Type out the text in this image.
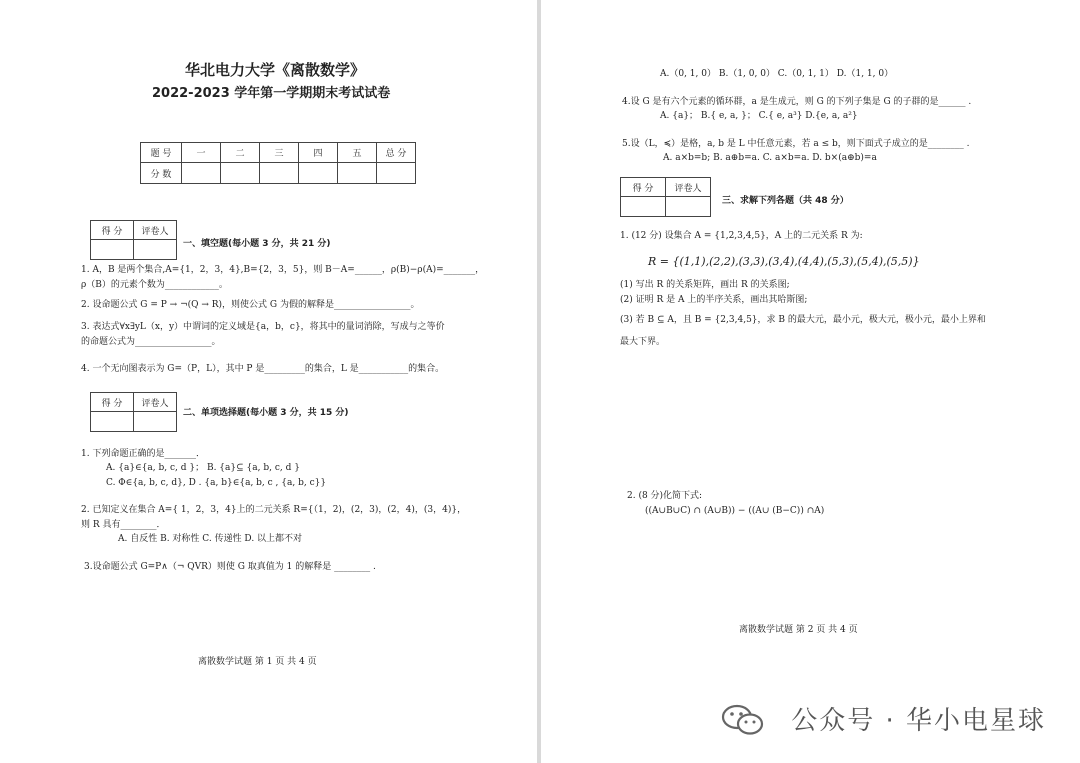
华北电力大学《离散数学》
2022-2023 学年第一学期期末考试试卷
题 号	一	二	三	四	五	总 分
分 数						
得 分	评卷人

一、填空题(每小题 3 分，共 21 分)
1. A，B 是两个集合,A={1，2，3，4},B={2，3，5}，则 B－A=______，ρ(B)−ρ(A)=_______，
ρ（B）的元素个数为____________。
2. 设命题公式 G = P → ¬(Q → R)，则使公式 G 为假的解释是_________________。
3. 表达式∀x∃yL（x，y）中谓词的定义域是{a，b，c}，将其中的量词消除，写成与之等价
的命题公式为_________________。
4. 一个无向图表示为 G=（P，L），其中 P 是_________的集合，L 是___________的集合。
得 分	评卷人

二、单项选择题(每小题 3 分，共 15 分)
1. 下列命题正确的是_______．
A. {a}∈{a, b, c, d }； B. {a}⊆ {a, b, c, d }
C. Φ∈{a, b, c, d}, D . {a, b}∈{a, b, c , {a, b, c}}
2. 已知定义在集合 A={ 1，2，3，4}上的二元关系 R={（1，2)，(2，3)，(2，4)，(3，4)}，
则 R 具有________．
A. 自反性 B. 对称性 C. 传递性 D. 以上都不对
3.设命题公式 G=P∧（¬ QVR）则使 G 取真值为 1 的解释是 ________ .
离散数学试题 第 1 页 共 4 页
A.（0, 1, 0） B.（1, 0, 0） C.（0, 1, 1） D.（1, 1, 0）
4.设 G 是有六个元素的循环群，a 是生成元，则 G 的下列子集是 G 的子群的是______ .
A. {a}； B.{ e, a, }； C.{ e, a³} D.{e, a, a²}
5.设（L，≼）是格，a, b 是 L 中任意元素，若 a ≤ b，则下面式子成立的是________ .
A. a×b=b; B. a⊕b=a. C. a×b=a. D. b×(a⊕b)=a
得 分	评卷人

三、求解下列各题（共 48 分）
1. (12 分) 设集合 A = {1,2,3,4,5}，A 上的二元关系 R 为:
R = {(1,1),(2,2),(3,3),(3,4),(4,4),(5,3),(5,4),(5,5)}
(1) 写出 R 的关系矩阵，画出 R 的关系图;
(2) 证明 R 是 A 上的半序关系，画出其哈斯图;
(3) 若 B ⊆ A，且 B = {2,3,4,5}，求 B 的最大元，最小元，极大元，极小元，最小上界和
最大下界。
2. (8 分)化简下式:
((A∪B∪C) ∩ (A∪B)) − ((A∪ (B−C)) ∩A)
离散数学试题 第 2 页 共 4 页
公众号 · 华小电星球
